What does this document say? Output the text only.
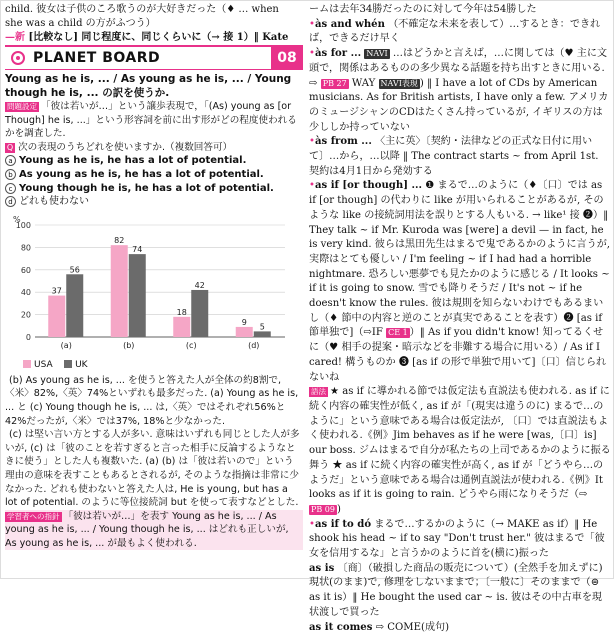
child. 彼女は子供のころ歌うのが大好きだった（♦ … when
she was a child の方がふつう）
—新 [比較なし] 同じ程度に、同じくらいに（→ 接 1）‖ Kate
PLANET BOARD	08
Young as he is, ... / As young as he is, ... / Young though he is, ... の訳を使うか.
問題設定 「彼は若いが…」という譲歩表現で，「(As) young as [or Though] he is, ...」という形容詞を前に出す形がどの程度使われるかを調査した.
Q 次の表現のうちどれを使いますか.（複数回答可）
a Young as he is, he has a lot of potential.
b As young as he is, he has a lot of potential.
c Young though he is, he has a lot of potential.
d どれも使わない
%
0
20
40
60
80
100
37
56
(a)
82
74
(b)
18
42
(c)
9 5
(d)
USA UK
(b) As young as he is, ... を使うと答えた人が全体の約8割で,〈米〉82%,〈英〉74%といずれも最多だった. (a) Young as he is, ... と (c) Young though he is, ... は,〈英〉ではそれぞれ56%と42%だったが,〈米〉では37%, 18%と少なかった.
(c) は堅い言い方とする人が多い. 意味はいずれも同じとした人が多いが, (c) は「彼のことを若すぎると言った相手に反論するようなときに使う」とした人も複数いた. (a) (b) は「彼は若いので」という理由の意味を表すこともあるとされるが, そのような指摘は非常に少なかった. どれも使わないと答えた人は, He is young, but has a lot of potential. のように等位接続詞 but を使って表すなどとした.
学習者への指針 「彼は若いが…」を表す Young as he is, ... / As young as he is, ... / Young though he is, ... はどれも正しいが, As young as he is, ... が最もよく使われる.
ームは去年34勝だったのに対して今年は54勝した
•às and whén （不確定な未来を表して）…するとき：できれば，できるだけ早く
•às for ... NAVI …はどうかと言えば，…に関しては（♥ 主に文頭で，関係はあるものの多少異なる話題を持ち出すときに用いる. ⇨ PB 27 WAY NAVI表現 ) ‖ I have a lot of CDs by American musicians. As for British artists, I have only a few. アメリカのミュージシャンのCDはたくさん持っているが, イギリスの方は少ししか持っていない
•às from ... 〈主に英〉〔契約・法律などの正式な日付に用いて〕…から，…以降 ‖ The contract starts ~ from April 1st. 契約は4月1日から発効する
•as if [or though] ... ❶ まるで…のように（♦〔口〕では as if [or though] の代わりに like が用いられることがあるが, そのような like の接続詞用法を誤りとする人もいる. → like¹ 接 ❷）‖ They talk ~ if Mr. Kuroda was [were] a devil — in fact, he is very kind. 彼らは黒田先生はまるで鬼であるかのように言うが, 実際はとても優しい / I'm feeling ~ if I had had a horrible nightmare. 恐ろしい悪夢でも見たかのように感じる / It looks ~ if it is going to snow. 雪でも降りそうだ / It's not ~ if he doesn't know the rules. 彼は規則を知らないわけでもあるまいし（♦ 節中の内容と逆のことが真実であることを表す）❷ [as if 節単独で]（⇨IF CE 1 ）‖ As if you didn't know! 知ってるくせに（♥ 相手の提案・暗示などを非難する場合に用いる）/ As if I cared! 構うものか ❸ [as if の形で単独で用いて]〔口〕信じられないね
語法 ★ as if に導かれる節では仮定法も直説法も使われる. as if に続く内容の確実性が低く, as if が「(現実は違うのに) まるで…のように」という意味である場合は仮定法が, 〔口〕では直説法もよく使われる.《例》Jim behaves as if he were [was,〔口〕is] our boss. ジムはまるで自分が私たちの上司であるかのように振る舞う ★ as if に続く内容の確実性が高く, as if が「どうやら…のようだ」という意味である場合は通例直説法が使われる.《例》It looks as if it is going to rain. どうやら雨になりそうだ（⇨ PB 09 )
•as if to dó まるで…するかのように（→ MAKE as if）‖ He shook his head ~ if to say "Don't trust her." 彼はまるで「彼女を信用するな」と言うかのように首を(横に)振った
as is 〔商〕（破損した商品の販売について）(全然手を加えずに) 現状(のまま)で, 修理をしないままで；〔一般に〕そのままで（⊜ as it is）‖ He bought the used car ~ is. 彼はその中古車を現状渡しで買った
as it comes ⇨ COME(成句)
